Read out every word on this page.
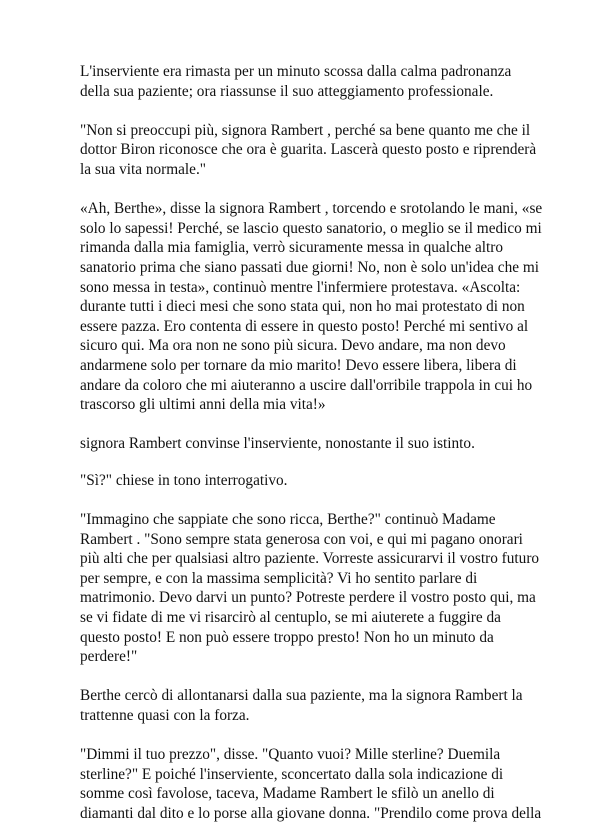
L'inserviente era rimasta per un minuto scossa dalla calma padronanza della sua paziente; ora riassunse il suo atteggiamento professionale.

"Non si preoccupi più, signora Rambert , perché sa bene quanto me che il dottor Biron riconosce che ora è guarita. Lascerà questo posto e riprenderà la sua vita normale."

«Ah, Berthe», disse la signora Rambert , torcendo e srotolando le mani, «se solo lo sapessi! Perché, se lascio questo sanatorio, o meglio se il medico mi rimanda dalla mia famiglia, verrò sicuramente messa in qualche altro sanatorio prima che siano passati due giorni! No, non è solo un'idea che mi sono messa in testa», continuò mentre l'infermiere protestava. «Ascolta: durante tutti i dieci mesi che sono stata qui, non ho mai protestato di non essere pazza. Ero contenta di essere in questo posto! Perché mi sentivo al sicuro qui. Ma ora non ne sono più sicura. Devo andare, ma non devo andarmene solo per tornare da mio marito! Devo essere libera, libera di andare da coloro che mi aiuteranno a uscire dall'orribile trappola in cui ho trascorso gli ultimi anni della mia vita!»

signora Rambert convinse l'inserviente, nonostante il suo istinto.

"Sì?" chiese in tono interrogativo.

"Immagino che sappiate che sono ricca, Berthe?" continuò Madame Rambert . "Sono sempre stata generosa con voi, e qui mi pagano onorari più alti che per qualsiasi altro paziente. Vorreste assicurarvi il vostro futuro per sempre, e con la massima semplicità? Vi ho sentito parlare di matrimonio. Devo darvi un punto? Potreste perdere il vostro posto qui, ma se vi fidate di me vi risarcirò al centuplo, se mi aiuterete a fuggire da questo posto! E non può essere troppo presto! Non ho un minuto da perdere!"

Berthe cercò di allontanarsi dalla sua paziente, ma la signora Rambert la trattenne quasi con la forza.

"Dimmi il tuo prezzo", disse. "Quanto vuoi? Mille sterline? Duemila sterline?" E poiché l'inserviente, sconcertato dalla sola indicazione di somme così favolose, taceva, Madame Rambert le sfilò un anello di diamanti dal dito e lo porse alla giovane donna. "Prendilo come prova della
